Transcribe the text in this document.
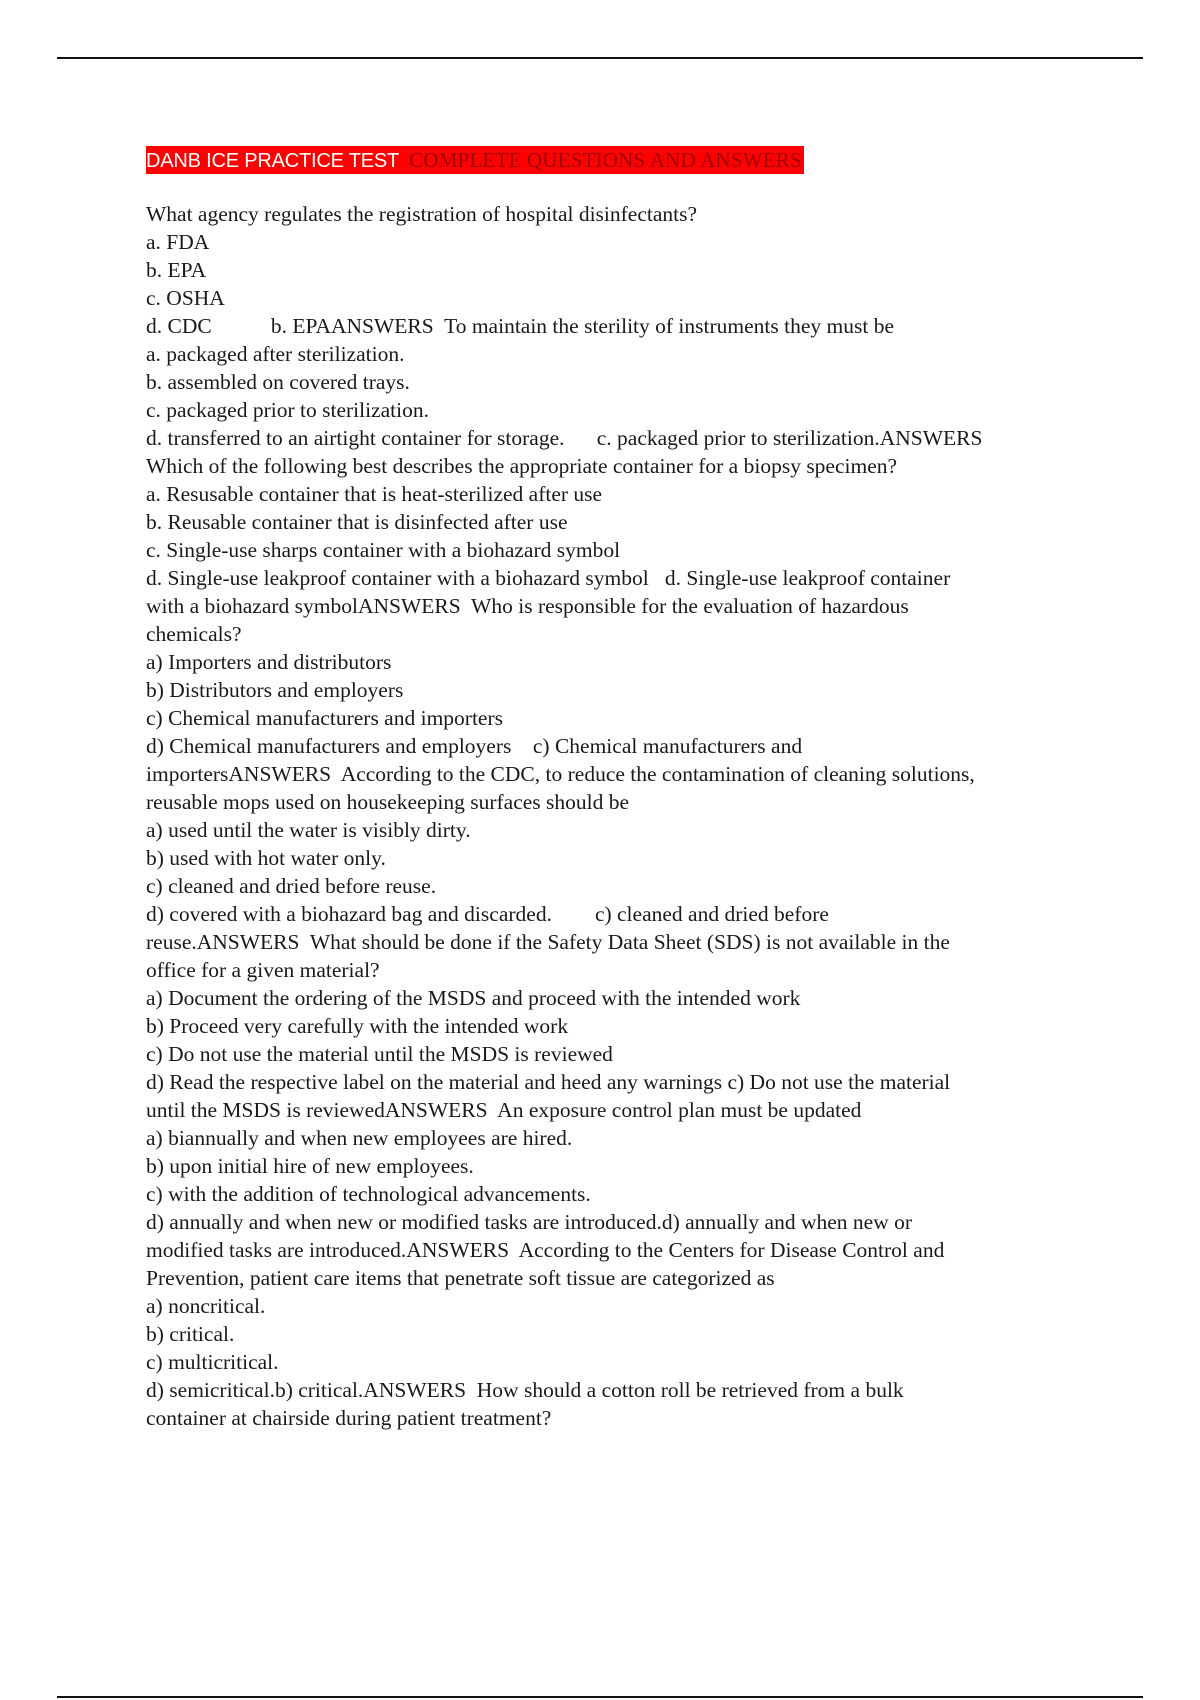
DANB ICE PRACTICE TEST COMPLETE QUESTIONS AND ANSWERS
What agency regulates the registration of hospital disinfectants?
a. FDA
b. EPA
c. OSHA
d. CDC           b. EPAANSWERS  To maintain the sterility of instruments they must be
a. packaged after sterilization.
b. assembled on covered trays.
c. packaged prior to sterilization.
d. transferred to an airtight container for storage.      c. packaged prior to sterilization.ANSWERS
Which of the following best describes the appropriate container for a biopsy specimen?
a. Resusable container that is heat-sterilized after use
b. Reusable container that is disinfected after use
c. Single-use sharps container with a biohazard symbol
d. Single-use leakproof container with a biohazard symbol   d. Single-use leakproof container
with a biohazard symbolANSWERS  Who is responsible for the evaluation of hazardous
chemicals?
a) Importers and distributors
b) Distributors and employers
c) Chemical manufacturers and importers
d) Chemical manufacturers and employers    c) Chemical manufacturers and
importersANSWERS  According to the CDC, to reduce the contamination of cleaning solutions,
reusable mops used on housekeeping surfaces should be
a) used until the water is visibly dirty.
b) used with hot water only.
c) cleaned and dried before reuse.
d) covered with a biohazard bag and discarded.        c) cleaned and dried before
reuse.ANSWERS  What should be done if the Safety Data Sheet (SDS) is not available in the
office for a given material?
a) Document the ordering of the MSDS and proceed with the intended work
b) Proceed very carefully with the intended work
c) Do not use the material until the MSDS is reviewed
d) Read the respective label on the material and heed any warnings c) Do not use the material
until the MSDS is reviewedANSWERS  An exposure control plan must be updated
a) biannually and when new employees are hired.
b) upon initial hire of new employees.
c) with the addition of technological advancements.
d) annually and when new or modified tasks are introduced.d) annually and when new or
modified tasks are introduced.ANSWERS  According to the Centers for Disease Control and
Prevention, patient care items that penetrate soft tissue are categorized as
a) noncritical.
b) critical.
c) multicritical.
d) semicritical.b) critical.ANSWERS  How should a cotton roll be retrieved from a bulk
container at chairside during patient treatment?
